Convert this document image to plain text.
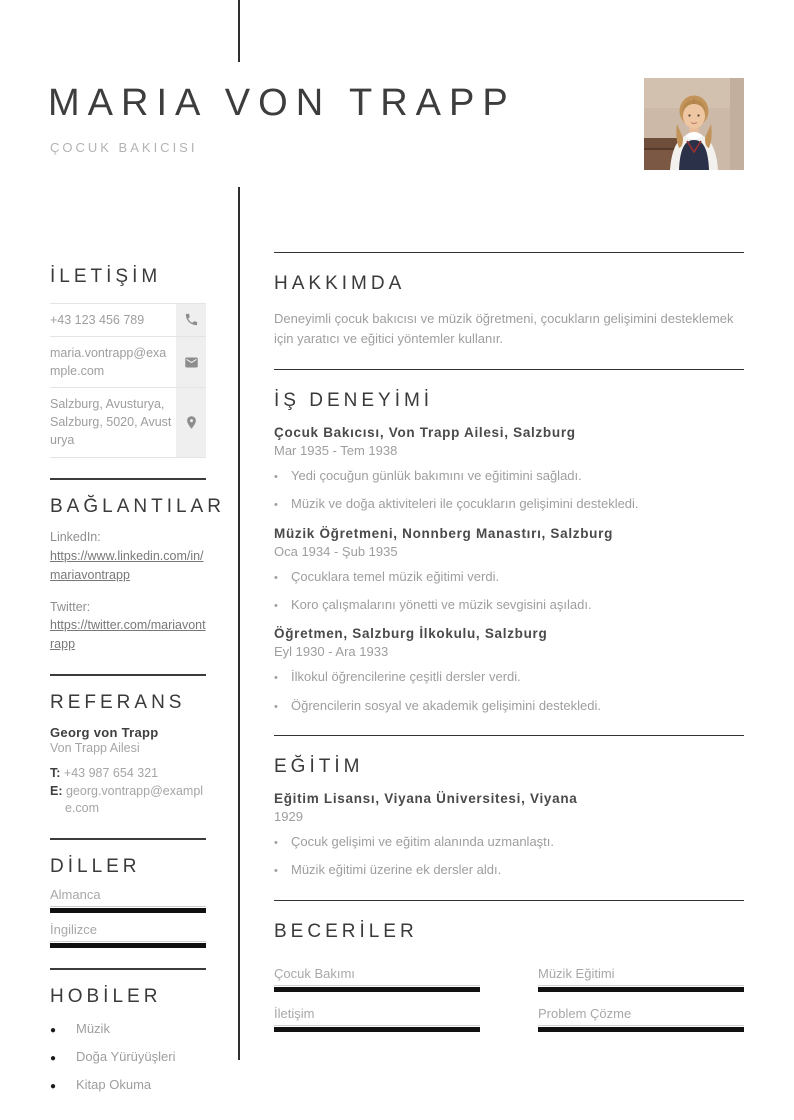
MARIA VON TRAPP
ÇOCUK BAKICISI
İLETİŞİM
+43 123 456 789
maria.vontrapp@example.com
Salzburg, Avusturya, Salzburg, 5020, Avusturya
BAĞLANTILAR
LinkedIn:
https://www.linkedin.com/in/mariavontrapp
Twitter:
https://twitter.com/mariavontrapp
REFERANS
Georg von Trapp
Von Trapp Ailesi
T: +43 987 654 321
E: georg.vontrapp@example.com
DİLLER
Almanca
İngilizce
HOBİLER
●	Müzik
●	Doğa Yürüyüşleri
●	Kitap Okuma
HAKKIMDA

Deneyimli çocuk bakıcısı ve müzik öğretmeni, çocukların gelişimini desteklemek için yaratıcı ve eğitici yöntemler kullanır.

İŞ DENEYİMİ
Çocuk Bakıcısı, Von Trapp Ailesi, Salzburg
Mar 1935 - Tem 1938
•	Yedi çocuğun günlük bakımını ve eğitimini sağladı.
•	Müzik ve doğa aktiviteleri ile çocukların gelişimini destekledi.
Müzik Öğretmeni, Nonnberg Manastırı, Salzburg
Oca 1934 - Şub 1935
•	Çocuklara temel müzik eğitimi verdi.
•	Koro çalışmalarını yönetti ve müzik sevgisini aşıladı.
Öğretmen, Salzburg İlkokulu, Salzburg
Eyl 1930 - Ara 1933
•	İlkokul öğrencilerine çeşitli dersler verdi.
•	Öğrencilerin sosyal ve akademik gelişimini destekledi.
EĞİTİM
Eğitim Lisansı, Viyana Üniversitesi, Viyana
1929
•	Çocuk gelişimi ve eğitim alanında uzmanlaştı.
•	Müzik eğitimi üzerine ek dersler aldı.
BECERİLER
Çocuk Bakımı	Müzik Eğitimi
İletişim	Problem Çözme
